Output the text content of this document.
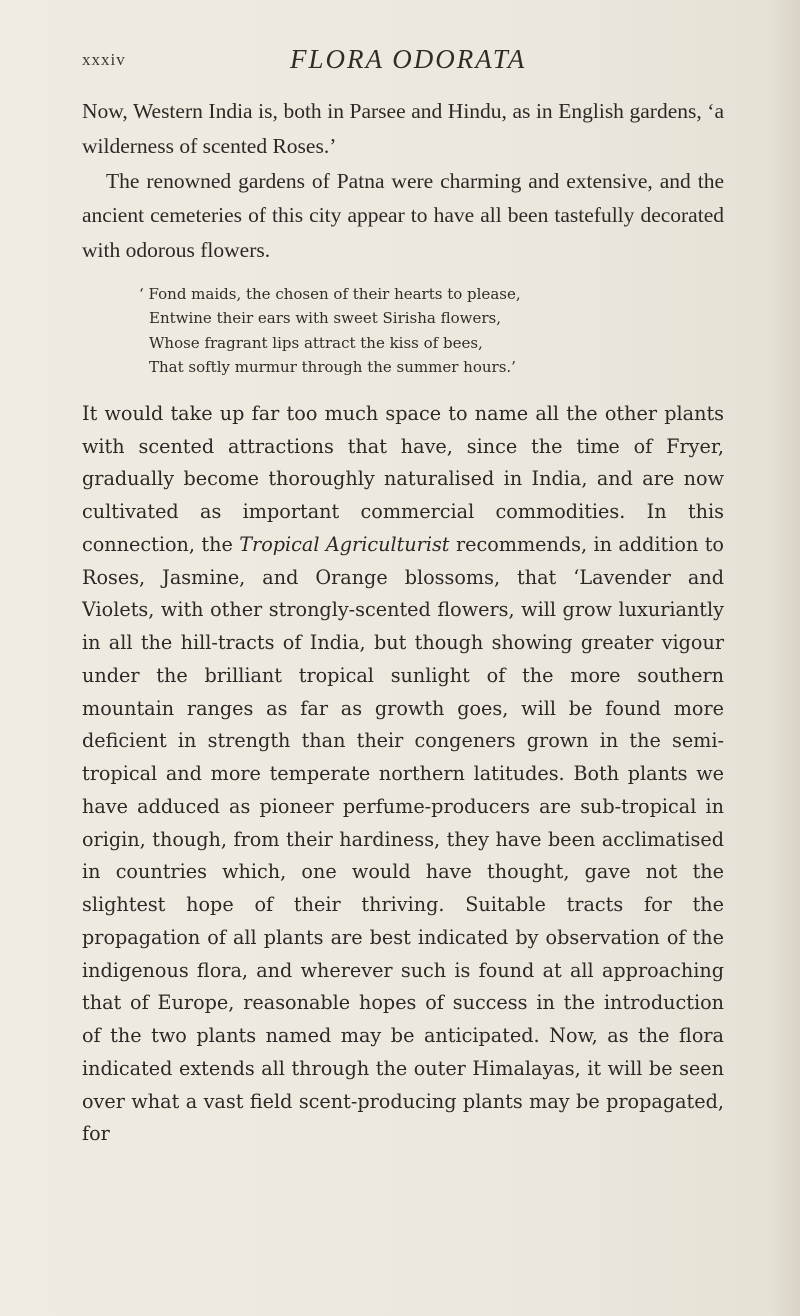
xxxiv	FLORA ODORATA

Now, Western India is, both in Parsee and Hindu, as in English gardens, ‘a wilderness of scented Roses.’

The renowned gardens of Patna were charming and extensive, and the ancient cemeteries of this city appear to have all been tastefully decorated with odorous flowers.

‘ Fond maids, the chosen of their hearts to please,
Entwine their ears with sweet Sirisha flowers,
Whose fragrant lips attract the kiss of bees,
That softly murmur through the summer hours.’

It would take up far too much space to name all the other plants with scented attractions that have, since the time of Fryer, gradually become thoroughly naturalised in India, and are now cultivated as important commercial commodities. In this connection, the Tropical Agriculturist recommends, in addition to Roses, Jasmine, and Orange blossoms, that ‘Lavender and Violets, with other strongly-scented flowers, will grow luxuriantly in all the hill-tracts of India, but though showing greater vigour under the brilliant tropical sunlight of the more southern mountain ranges as far as growth goes, will be found more deficient in strength than their congeners grown in the semi-tropical and more temperate northern latitudes. Both plants we have adduced as pioneer perfume-producers are sub-tropical in origin, though, from their hardiness, they have been acclimatised in countries which, one would have thought, gave not the slightest hope of their thriving. Suitable tracts for the propagation of all plants are best indicated by observation of the indigenous flora, and wherever such is found at all approaching that of Europe, reasonable hopes of success in the introduction of the two plants named may be anticipated. Now, as the flora indicated extends all through the outer Himalayas, it will be seen over what a vast field scent-producing plants may be propagated, for
